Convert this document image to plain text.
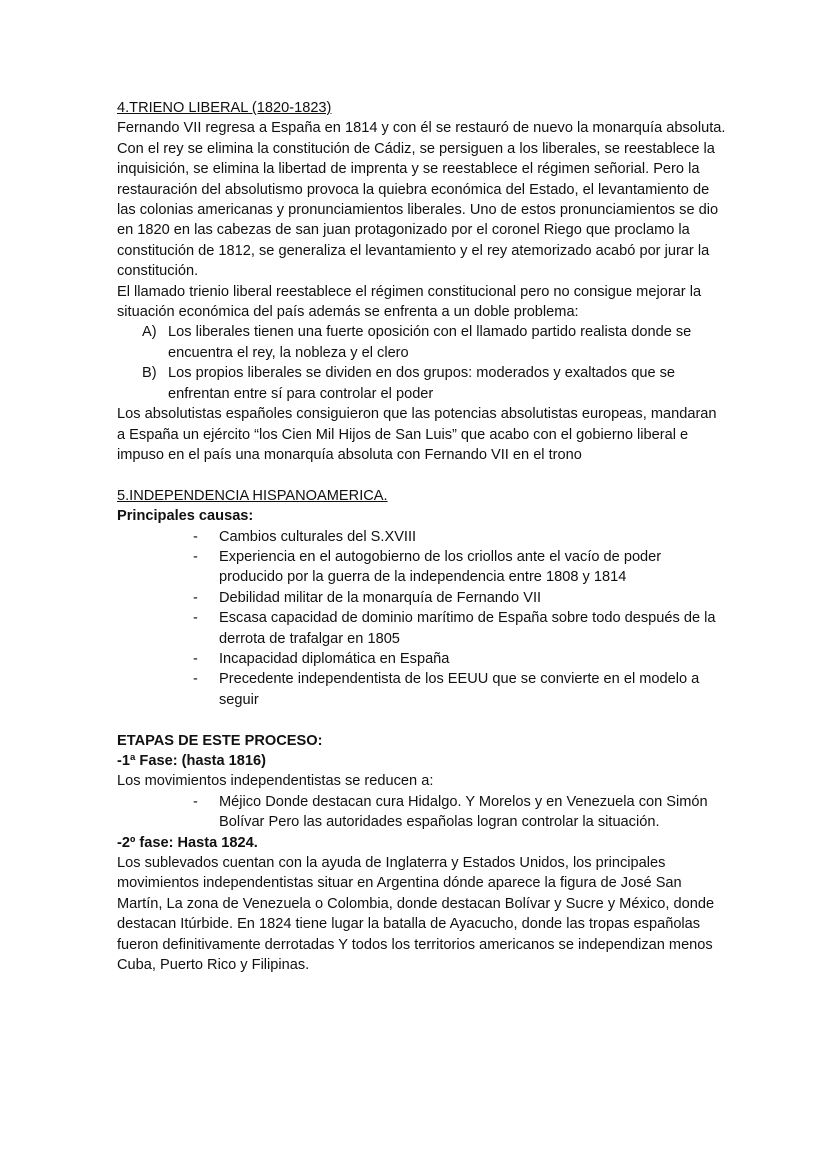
4.TRIENO LIBERAL (1820-1823)

Fernando VII regresa a España en 1814 y con él se restauró de nuevo la monarquía absoluta. Con el rey se elimina la constitución de Cádiz, se persiguen a los liberales, se reestablece la inquisición, se elimina la libertad de imprenta y se reestablece el régimen señorial. Pero la restauración del absolutismo provoca la quiebra económica del Estado, el levantamiento de las colonias americanas y pronunciamientos liberales. Uno de estos pronunciamientos se dio en 1820 en las cabezas de san juan protagonizado por el coronel Riego que proclamo la constitución de 1812, se generaliza el levantamiento y el rey atemorizado acabó por jurar la constitución.

El llamado trienio liberal reestablece el régimen constitucional pero no consigue mejorar la situación económica del país además se enfrenta a un doble problema:

A) Los liberales tienen una fuerte oposición con el llamado partido realista donde se encuentra el rey, la nobleza y el clero
B) Los propios liberales se dividen en dos grupos: moderados y exaltados que se enfrentan entre sí para controlar el poder

Los absolutistas españoles consiguieron que las potencias absolutistas europeas, mandaran a España un ejército “los Cien Mil Hijos de San Luis” que acabo con el gobierno liberal e impuso en el país una monarquía absoluta con Fernando VII en el trono

5.INDEPENDENCIA HISPANOAMERICA.

Principales causas:

- Cambios culturales del S.XVIII
- Experiencia en el autogobierno de los criollos ante el vacío de poder producido por la guerra de la independencia entre 1808 y 1814
- Debilidad militar de la monarquía de Fernando VII
- Escasa capacidad de dominio marítimo de España sobre todo después de la derrota de trafalgar en 1805
- Incapacidad diplomática en España
- Precedente independentista de los EEUU que se convierte en el modelo a seguir

ETAPAS DE ESTE PROCESO:

-1ª Fase: (hasta 1816)

Los movimientos independentistas se reducen a:

- Méjico Donde destacan cura Hidalgo. Y Morelos y en Venezuela con Simón Bolívar Pero las autoridades españolas logran controlar la situación.

-2º fase: Hasta 1824.

Los sublevados cuentan con la ayuda de Inglaterra y Estados Unidos, los principales movimientos independentistas situar en Argentina dónde aparece la figura de José San Martín, La zona de Venezuela o Colombia, donde destacan Bolívar y Sucre y México, donde destacan Itúrbide. En 1824 tiene lugar la batalla de Ayacucho, donde las tropas españolas fueron definitivamente derrotadas Y todos los territorios americanos se independizan menos Cuba, Puerto Rico y Filipinas.
